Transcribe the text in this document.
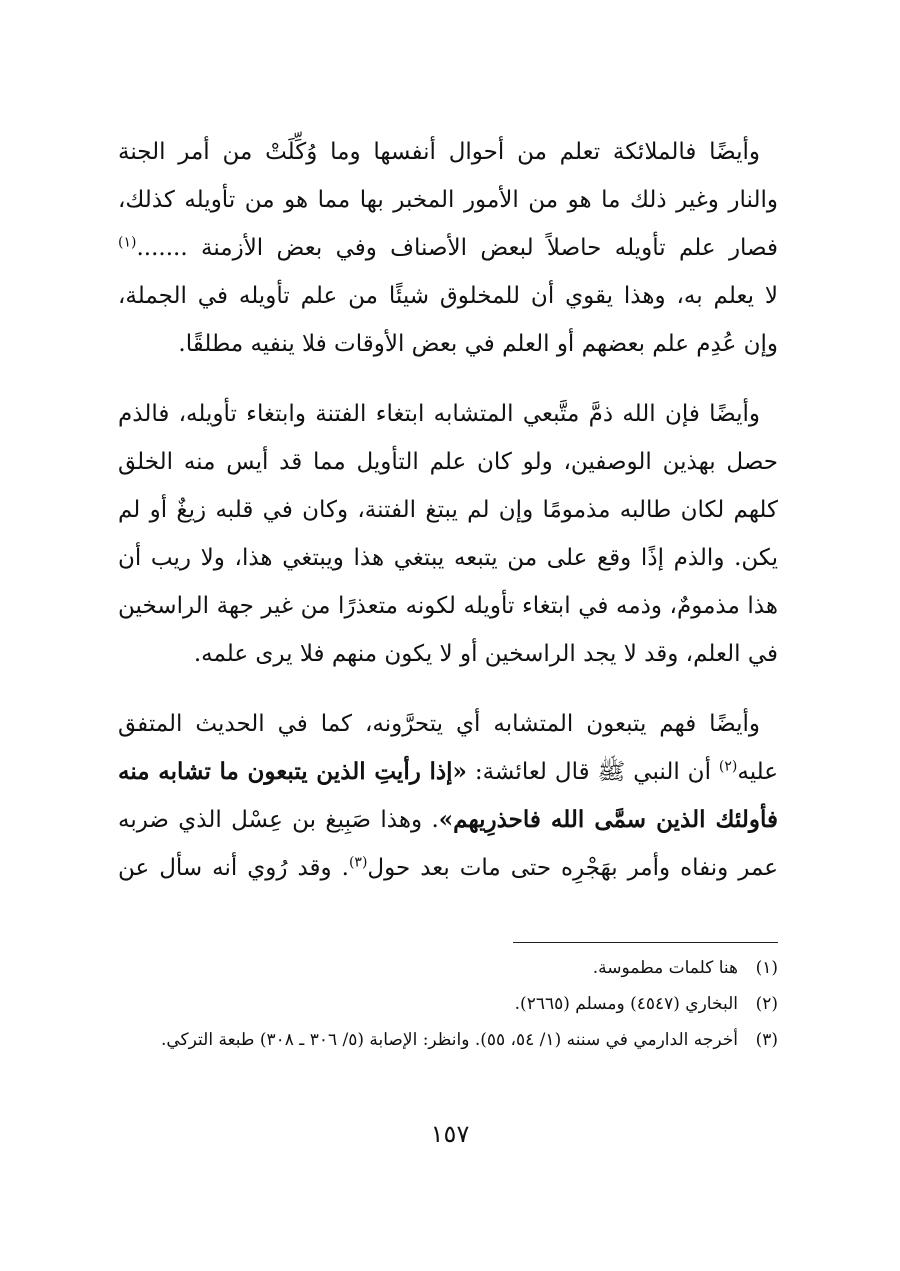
وأيضًا فالملائكة تعلم من أحوال أنفسها وما وُكِّلَتْ من أمر الجنة
والنار وغير ذلك ما هو من الأمور المخبر بها مما هو من تأويله كذلك،
فصار علم تأويله حاصلاً لبعض الأصناف وفي بعض الأزمنة .......$^{(١)}$
لا يعلم به، وهذا يقوي أن للمخلوق شيئًا من علم تأويله في الجملة،
وإن عُدِم علم بعضهم أو العلم في بعض الأوقات فلا ينفيه مطلقًا.

وأيضًا فإن الله ذمَّ متَّبعي المتشابه ابتغاء الفتنة وابتغاء تأويله، فالذم
حصل بهذين الوصفين، ولو كان علم التأويل مما قد أيس منه الخلق
كلهم لكان طالبه مذمومًا وإن لم يبتغ الفتنة، وكان في قلبه زيغٌ أو لم
يكن. والذم إذًا وقع على من يتبعه يبتغي هذا ويبتغي هذا، ولا ريب أن
هذا مذمومٌ، وذمه في ابتغاء تأويله لكونه متعذرًا من غير جهة الراسخين
في العلم، وقد لا يجد الراسخين أو لا يكون منهم فلا يرى علمه.

وأيضًا فهم يتبعون المتشابه أي يتحرَّونه، كما في الحديث المتفق
عليه$^{(٢)}$ أن النبي ﷺ قال لعائشة: «إذا رأيتِ الذين يتبعون ما تشابه منه
فأولئك الذين سمَّى الله فاحذرِيهم». وهذا صَبِيغ بن عِسْل الذي ضربه
عمر ونفاه وأمر بهَجْرِه حتى مات بعد حول$^{(٣)}$. وقد رُوي أنه سأل عن

(١)
هنا كلمات مطموسة.
(٢)
البخاري (٤٥٤٧) ومسلم (٢٦٦٥).
(٣)
أخرجه الدارمي في سننه (١/ ٥٤، ٥٥). وانظر: الإصابة (٥/ ٣٠٦ ـ ٣٠٨) طبعة التركي.
١٥٧
